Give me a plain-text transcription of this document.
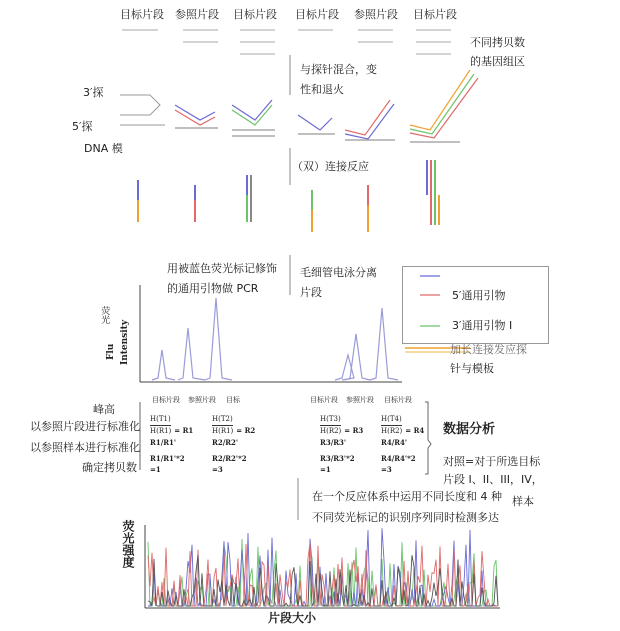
目标片段 参照片段 目标片段 目标片段 参照片段 目标片段
3′探
5′探
DNA 模
不同拷贝数
的基因组区
与探针混合，变
性和退火
（双）连接反应
用被蓝色荧光标记修饰
的通用引物做 PCR
毛细管电泳分离
片段	5′通用引物
3′通用引物 I
加长连接发应探
针与模板
荧光
Flu Intensity
目标片段 参照片段 目标	目标片段 参照片段 目标片段
峰高
以参照片段进行标准化
以参照样本进行标准化
确定拷贝数
H(T1)
H(R1) = R1
R1/R1'
R1/R1'*2
=1
H(T2)
H(R1) = R2
R2/R2'
R2/R2'*2
=3
H(T3)
H(R2) = R3
R3/R3'
R3/R3'*2
=1
H(T4)
H(R2) = R4
R4/R4'
R4/R4'*2
=3
数据分析
对照=对于所选目标
片段 I、II、III，IV，
样本
在一个反应体系中运用不同长度和 4 种
不同荧光标记的识别序列同时检测多达
荧光强度
片段大小
